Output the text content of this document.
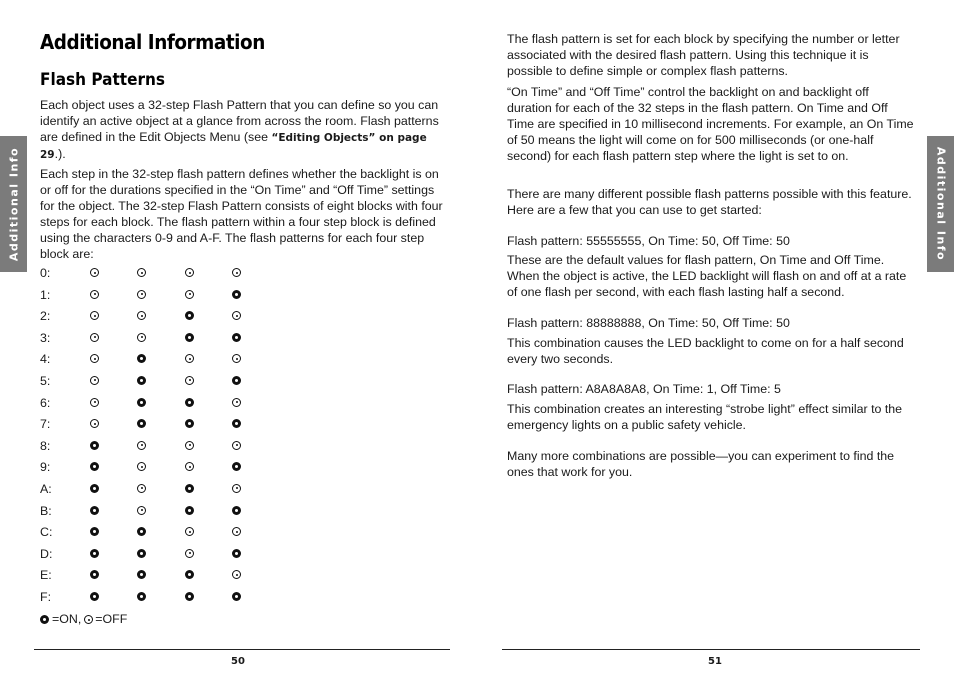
Additional Info
Additional Information
Flash Patterns

Each object uses a 32-step Flash Pattern that you can define so you can identify an active object at a glance from across the room. Flash patterns are defined in the Edit Objects Menu (see “Editing Objects” on page 29.).

Each step in the 32-step flash pattern defines whether the backlight is on or off for the durations specified in the “On Time” and “Off Time” settings for the object. The 32-step Flash Pattern consists of eight blocks with four steps for each block. The flash pattern within a four step block is defined using the characters 0-9 and A-F. The flash patterns for each four step block are:

0:
1:
2:
3:
4:
5:
6:
7:
8:
9:
A:
B:
C:
D:
E:
F:
=ON, =OFF
50
Additional Info

The flash pattern is set for each block by specifying the number or letter associated with the desired flash pattern. Using this technique it is possible to define simple or complex flash patterns.

“On Time” and “Off Time” control the backlight on and backlight off duration for each of the 32 steps in the flash pattern. On Time and Off Time are specified in 10 millisecond increments. For example, an On Time of 50 means the light will come on for 500 milliseconds (or one-half second) for each flash pattern step where the light is set to on.

There are many different possible flash patterns possible with this feature. Here are a few that you can use to get started:

Flash pattern: 55555555, On Time: 50, Off Time: 50

These are the default values for flash pattern, On Time and Off Time. When the object is active, the LED backlight will flash on and off at a rate of one flash per second, with each flash lasting half a second.

Flash pattern: 88888888, On Time: 50, Off Time: 50

This combination causes the LED backlight to come on for a half second every two seconds.

Flash pattern: A8A8A8A8, On Time: 1, Off Time: 5

This combination creates an interesting “strobe light” effect similar to the emergency lights on a public safety vehicle.

Many more combinations are possible—you can experiment to find the ones that work for you.

51
